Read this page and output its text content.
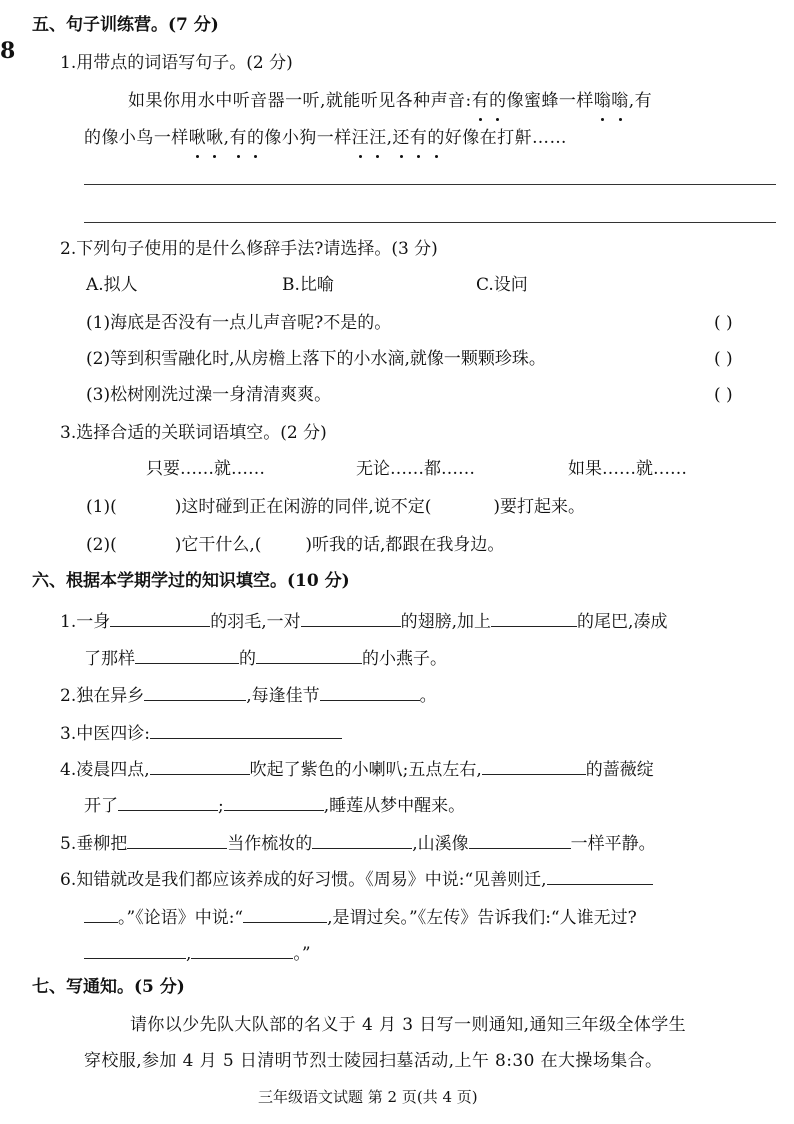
8
五、句子训练营。(7 分)
1.用带点的词语写句子。(2 分)
如果你用水中听音器一听,就能听见各种声音:有的像蜜蜂一样嗡嗡,有
的像小鸟一样啾啾,有的像小狗一样汪汪,还有的好像在打鼾……
2.下列句子使用的是什么修辞手法?请选择。(3 分)
A.拟人	B.比喻	C.设问
(1)海底是否没有一点儿声音呢?不是的。	( )
(2)等到积雪融化时,从房檐上落下的小水滴,就像一颗颗珍珠。	( )
(3)松树刚洗过澡一身清清爽爽。	( )
3.选择合适的关联词语填空。(2 分)
只要……就……	无论……都……	如果……就……
(1)(	)这时碰到正在闲游的同伴,说不定(	)要打起来。
(2)(	)它干什么,(	)听我的话,都跟在我身边。
六、根据本学期学过的知识填空。(10 分)
1.一身	的羽毛,一对	的翅膀,加上	的尾巴,凑成
了那样	的	的小燕子。
2.独在异乡	,每逢佳节	。
3.中医四诊:
4.凌晨四点,	吹起了紫色的小喇叭;五点左右,	的蔷薇绽
开了	;	,睡莲从梦中醒来。
5.垂柳把	当作梳妆的	,山溪像	一样平静。
6.知错就改是我们都应该养成的好习惯。《周易》中说:“见善则迁,
。”《论语》中说:“	,是谓过矣。”《左传》告诉我们:“人谁无过?
,	。”
七、写通知。(5 分)
请你以少先队大队部的名义于 4 月 3 日写一则通知,通知三年级全体学生
穿校服,参加 4 月 5 日清明节烈士陵园扫墓活动,上午 8:30 在大操场集合。
三年级语文试题 第 2 页(共 4 页)
